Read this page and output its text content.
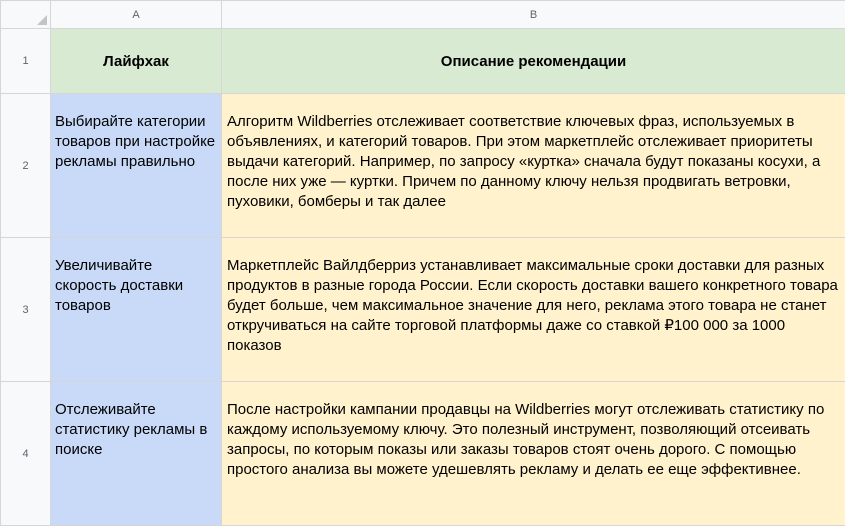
	A	B
1	Лайфхак	Описание рекомендации
2	Выбирайте категории товаров при настройке рекламы правильно	Алгоритм Wildberries отслеживает соответствие ключевых фраз, используемых в объявлениях, и категорий товаров. При этом маркетплейс отслеживает приоритеты выдачи категорий. Например, по запросу «куртка» сначала будут показаны косухи, а после них уже — куртки. Причем по данному ключу нельзя продвигать ветровки, пуховики, бомберы и так далее
3	Увеличивайте скорость доставки товаров	Маркетплейс Вайлдберриз устанавливает максимальные сроки доставки для разных продуктов в разные города России. Если скорость доставки вашего конкретного товара будет больше, чем максимальное значение для него, реклама этого товара не станет откручиваться на сайте торговой платформы даже со ставкой ₽100 000 за 1000 показов
4	Отслеживайте статистику рекламы в поиске	После настройки кампании продавцы на Wildberries могут отслеживать статистику по каждому используемому ключу. Это полезный инструмент, позволяющий отсеивать запросы, по которым показы или заказы товаров стоят очень дорого. С помощью простого анализа вы можете удешевлять рекламу и делать ее еще эффективнее.
